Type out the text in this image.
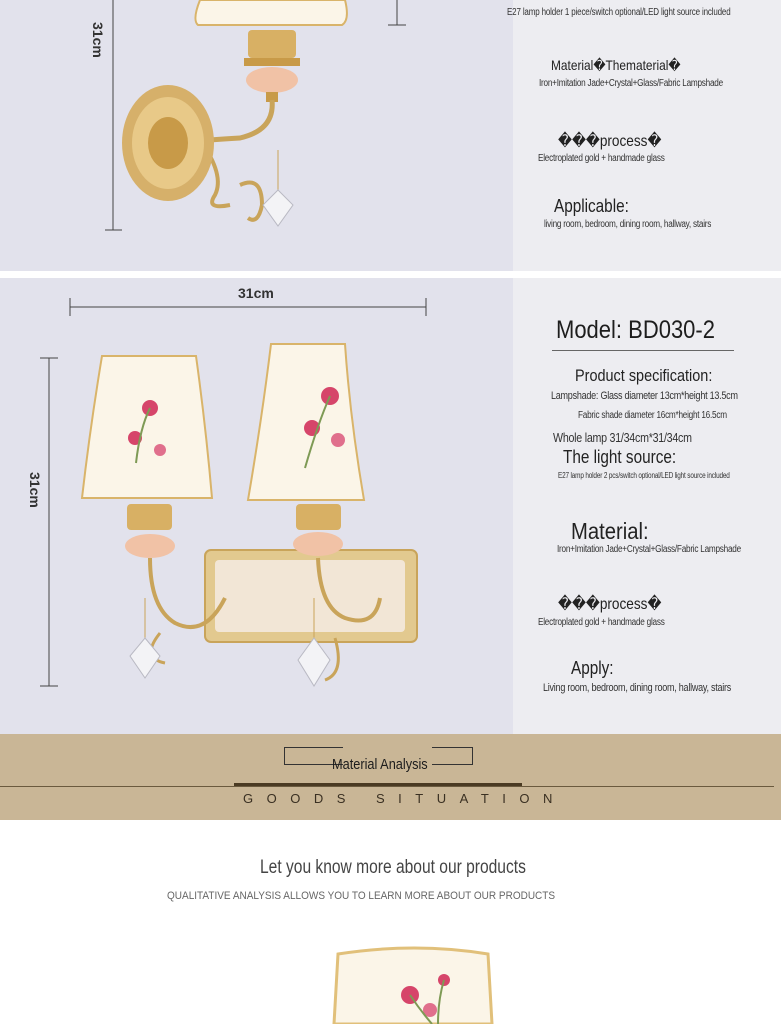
31cm
E27 lamp holder 1 piece/switch optional/LED light source included
Material�Thematerial�
Iron+Imitation Jade+Crystal+Glass/Fabric Lampshade
���process�
Electroplated gold + handmade glass
Applicable:
living room, bedroom, dining room, hallway, stairs
31cm
31cm
Model: BD030-2
Product specification:
Lampshade: Glass diameter 13cm*height 13.5cm
Fabric shade diameter 16cm*height 16.5cm
Whole lamp 31/34cm*31/34cm
The light source:
E27 lamp holder 2 pcs/switch optional/LED light source included
Material:
Iron+Imitation Jade+Crystal+Glass/Fabric Lampshade
���process�
Electroplated gold + handmade glass
Apply:
Living room, bedroom, dining room, hallway, stairs
Material Analysis
GOODS SITUATION
Let you know more about our products
QUALITATIVE ANALYSIS ALLOWS YOU TO LEARN MORE ABOUT OUR PRODUCTS
